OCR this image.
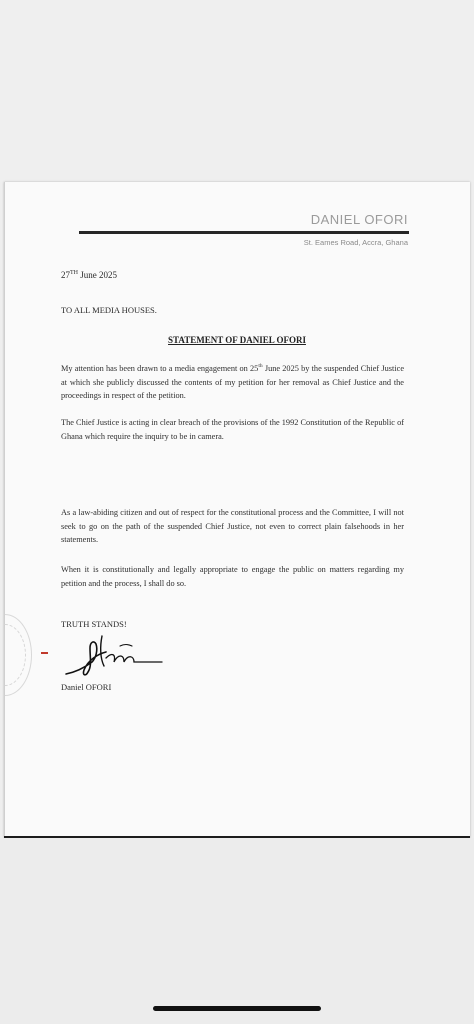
DANIEL OFORI
St. Eames Road, Accra, Ghana
27TH June 2025
TO ALL MEDIA HOUSES.
STATEMENT OF DANIEL OFORI

My attention has been drawn to a media engagement on 25th June 2025 by the suspended Chief Justice at which she publicly discussed the contents of my petition for her removal as Chief Justice and the proceedings in respect of the petition.

The Chief Justice is acting in clear breach of the provisions of the 1992 Constitution of the Republic of Ghana which require the inquiry to be in camera.

As a law-abiding citizen and out of respect for the constitutional process and the Committee, I will not seek to go on the path of the suspended Chief Justice, not even to correct plain falsehoods in her statements.

When it is constitutionally and legally appropriate to engage the public on matters regarding my petition and the process, I shall do so.

TRUTH STANDS!
Daniel OFORI
